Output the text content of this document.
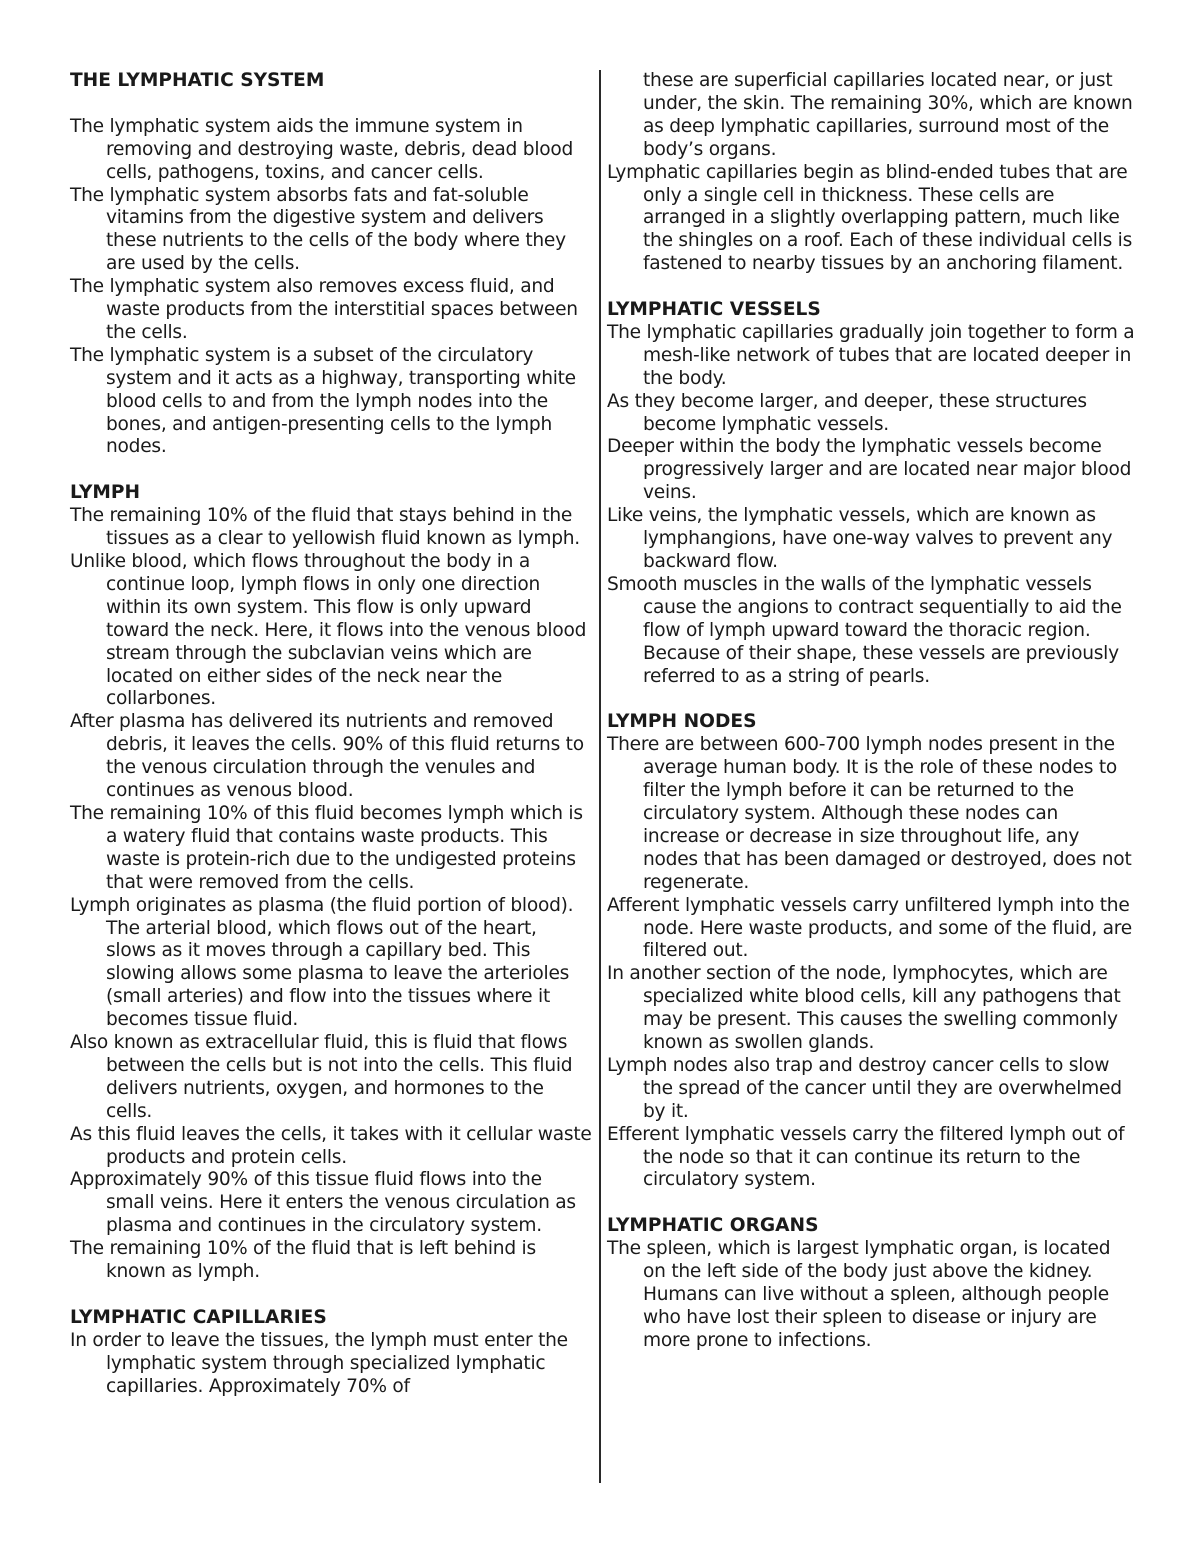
THE LYMPHATIC SYSTEM

The lymphatic system aids the immune system in removing and destroying waste, debris, dead blood cells, pathogens, toxins, and cancer cells.

The lymphatic system absorbs fats and fat-soluble vitamins from the digestive system and delivers these nutrients to the cells of the body where they are used by the cells.

The lymphatic system also removes excess fluid, and waste products from the interstitial spaces between the cells.

The lymphatic system is a subset of the circulatory system and it acts as a highway, transporting white blood cells to and from the lymph nodes into the bones, and antigen-presenting cells to the lymph nodes.

LYMPH

The remaining 10% of the fluid that stays behind in the tissues as a clear to yellowish fluid known as lymph.

Unlike blood, which flows throughout the body in a continue loop, lymph flows in only one direction within its own system. This flow is only upward toward the neck. Here, it flows into the venous blood stream through the subclavian veins which are located on either sides of the neck near the collarbones.

After plasma has delivered its nutrients and removed debris, it leaves the cells. 90% of this fluid returns to the venous circulation through the venules and continues as venous blood.

The remaining 10% of this fluid becomes lymph which is a watery fluid that contains waste products. This waste is protein-rich due to the undigested proteins that were removed from the cells.

Lymph originates as plasma (the fluid portion of blood). The arterial blood, which flows out of the heart, slows as it moves through a capillary bed. This slowing allows some plasma to leave the arterioles (small arteries) and flow into the tissues where it becomes tissue fluid.

Also known as extracellular fluid, this is fluid that flows between the cells but is not into the cells. This fluid delivers nutrients, oxygen, and hormones to the cells.

As this fluid leaves the cells, it takes with it cellular waste products and protein cells.

Approximately 90% of this tissue fluid flows into the small veins. Here it enters the venous circulation as plasma and continues in the circulatory system.

The remaining 10% of the fluid that is left behind is known as lymph.

LYMPHATIC CAPILLARIES

In order to leave the tissues, the lymph must enter the lymphatic system through specialized lymphatic capillaries. Approximately 70% of

these are superficial capillaries located near, or just under, the skin. The remaining 30%, which are known as deep lymphatic capillaries, surround most of the body’s organs.

Lymphatic capillaries begin as blind-ended tubes that are only a single cell in thickness. These cells are arranged in a slightly overlapping pattern, much like the shingles on a roof. Each of these individual cells is fastened to nearby tissues by an anchoring filament.

LYMPHATIC VESSELS

The lymphatic capillaries gradually join together to form a mesh-like network of tubes that are located deeper in the body.

As they become larger, and deeper, these structures become lymphatic vessels.

Deeper within the body the lymphatic vessels become progressively larger and are located near major blood veins.

Like veins, the lymphatic vessels, which are known as lymphangions, have one-way valves to prevent any backward flow.

Smooth muscles in the walls of the lymphatic vessels cause the angions to contract sequentially to aid the flow of lymph upward toward the thoracic region. Because of their shape, these vessels are previously referred to as a string of pearls.

LYMPH NODES

There are between 600-700 lymph nodes present in the average human body. It is the role of these nodes to filter the lymph before it can be returned to the circulatory system. Although these nodes can increase or decrease in size throughout life, any nodes that has been damaged or destroyed, does not regenerate.

Afferent lymphatic vessels carry unfiltered lymph into the node. Here waste products, and some of the fluid, are filtered out.

In another section of the node, lymphocytes, which are specialized white blood cells, kill any pathogens that may be present. This causes the swelling commonly known as swollen glands.

Lymph nodes also trap and destroy cancer cells to slow the spread of the cancer until they are overwhelmed by it.

Efferent lymphatic vessels carry the filtered lymph out of the node so that it can continue its return to the circulatory system.

LYMPHATIC ORGANS

The spleen, which is largest lymphatic organ, is located on the left side of the body just above the kidney. Humans can live without a spleen, although people who have lost their spleen to disease or injury are more prone to infections.
